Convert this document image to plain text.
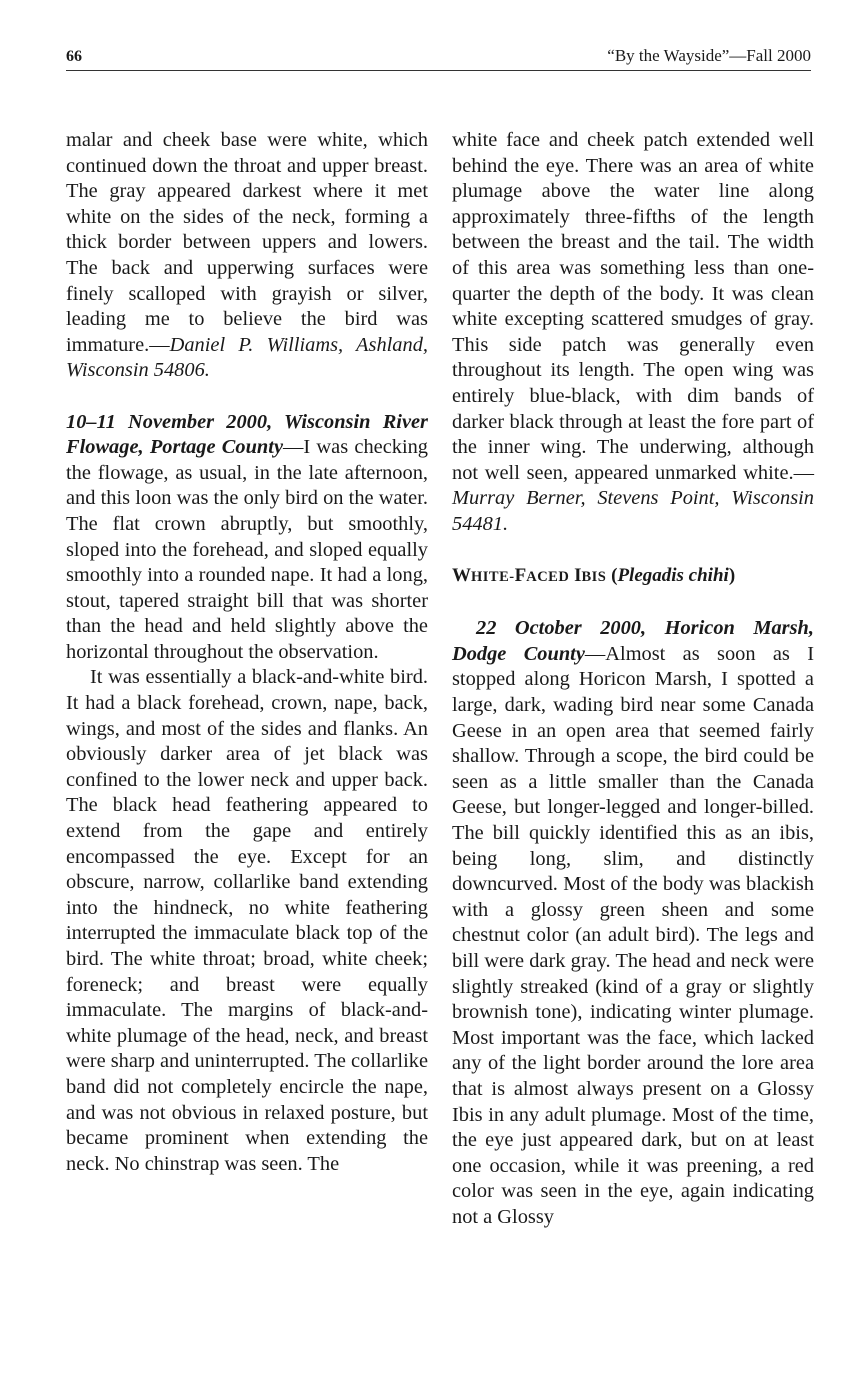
66	“By the Wayside”—Fall 2000

malar and cheek base were white, which continued down the throat and upper breast. The gray appeared darkest where it met white on the sides of the neck, forming a thick border between uppers and lowers. The back and upperwing surfaces were finely scalloped with grayish or silver, leading me to believe the bird was immature.—Daniel P. Williams, Ashland, Wisconsin 54806.

10–11 November 2000, Wisconsin River Flowage, Portage County—I was checking the flowage, as usual, in the late afternoon, and this loon was the only bird on the water. The flat crown abruptly, but smoothly, sloped into the forehead, and sloped equally smoothly into a rounded nape. It had a long, stout, tapered straight bill that was shorter than the head and held slightly above the horizontal throughout the observation.

It was essentially a black-and-white bird. It had a black forehead, crown, nape, back, wings, and most of the sides and flanks. An obviously darker area of jet black was confined to the lower neck and upper back. The black head feathering appeared to extend from the gape and entirely encompassed the eye. Except for an obscure, narrow, collarlike band extending into the hindneck, no white feathering interrupted the immaculate black top of the bird. The white throat; broad, white cheek; foreneck; and breast were equally immaculate. The margins of black-and-white plumage of the head, neck, and breast were sharp and uninterrupted. The collarlike band did not completely encircle the nape, and was not obvious in relaxed posture, but became prominent when extending the neck. No chinstrap was seen. The

white face and cheek patch extended well behind the eye. There was an area of white plumage above the water line along approximately three-fifths of the length between the breast and the tail. The width of this area was something less than one-quarter the depth of the body. It was clean white excepting scattered smudges of gray. This side patch was generally even throughout its length. The open wing was entirely blue-black, with dim bands of darker black through at least the fore part of the inner wing. The underwing, although not well seen, appeared unmarked white.—Murray Berner, Stevens Point, Wisconsin 54481.

WHITE-FACED IBIS (Plegadis chihi)

22 October 2000, Horicon Marsh, Dodge County—Almost as soon as I stopped along Horicon Marsh, I spotted a large, dark, wading bird near some Canada Geese in an open area that seemed fairly shallow. Through a scope, the bird could be seen as a little smaller than the Canada Geese, but longer-legged and longer-billed. The bill quickly identified this as an ibis, being long, slim, and distinctly downcurved. Most of the body was blackish with a glossy green sheen and some chestnut color (an adult bird). The legs and bill were dark gray. The head and neck were slightly streaked (kind of a gray or slightly brownish tone), indicating winter plumage. Most important was the face, which lacked any of the light border around the lore area that is almost always present on a Glossy Ibis in any adult plumage. Most of the time, the eye just appeared dark, but on at least one occasion, while it was preening, a red color was seen in the eye, again indicating not a Glossy
